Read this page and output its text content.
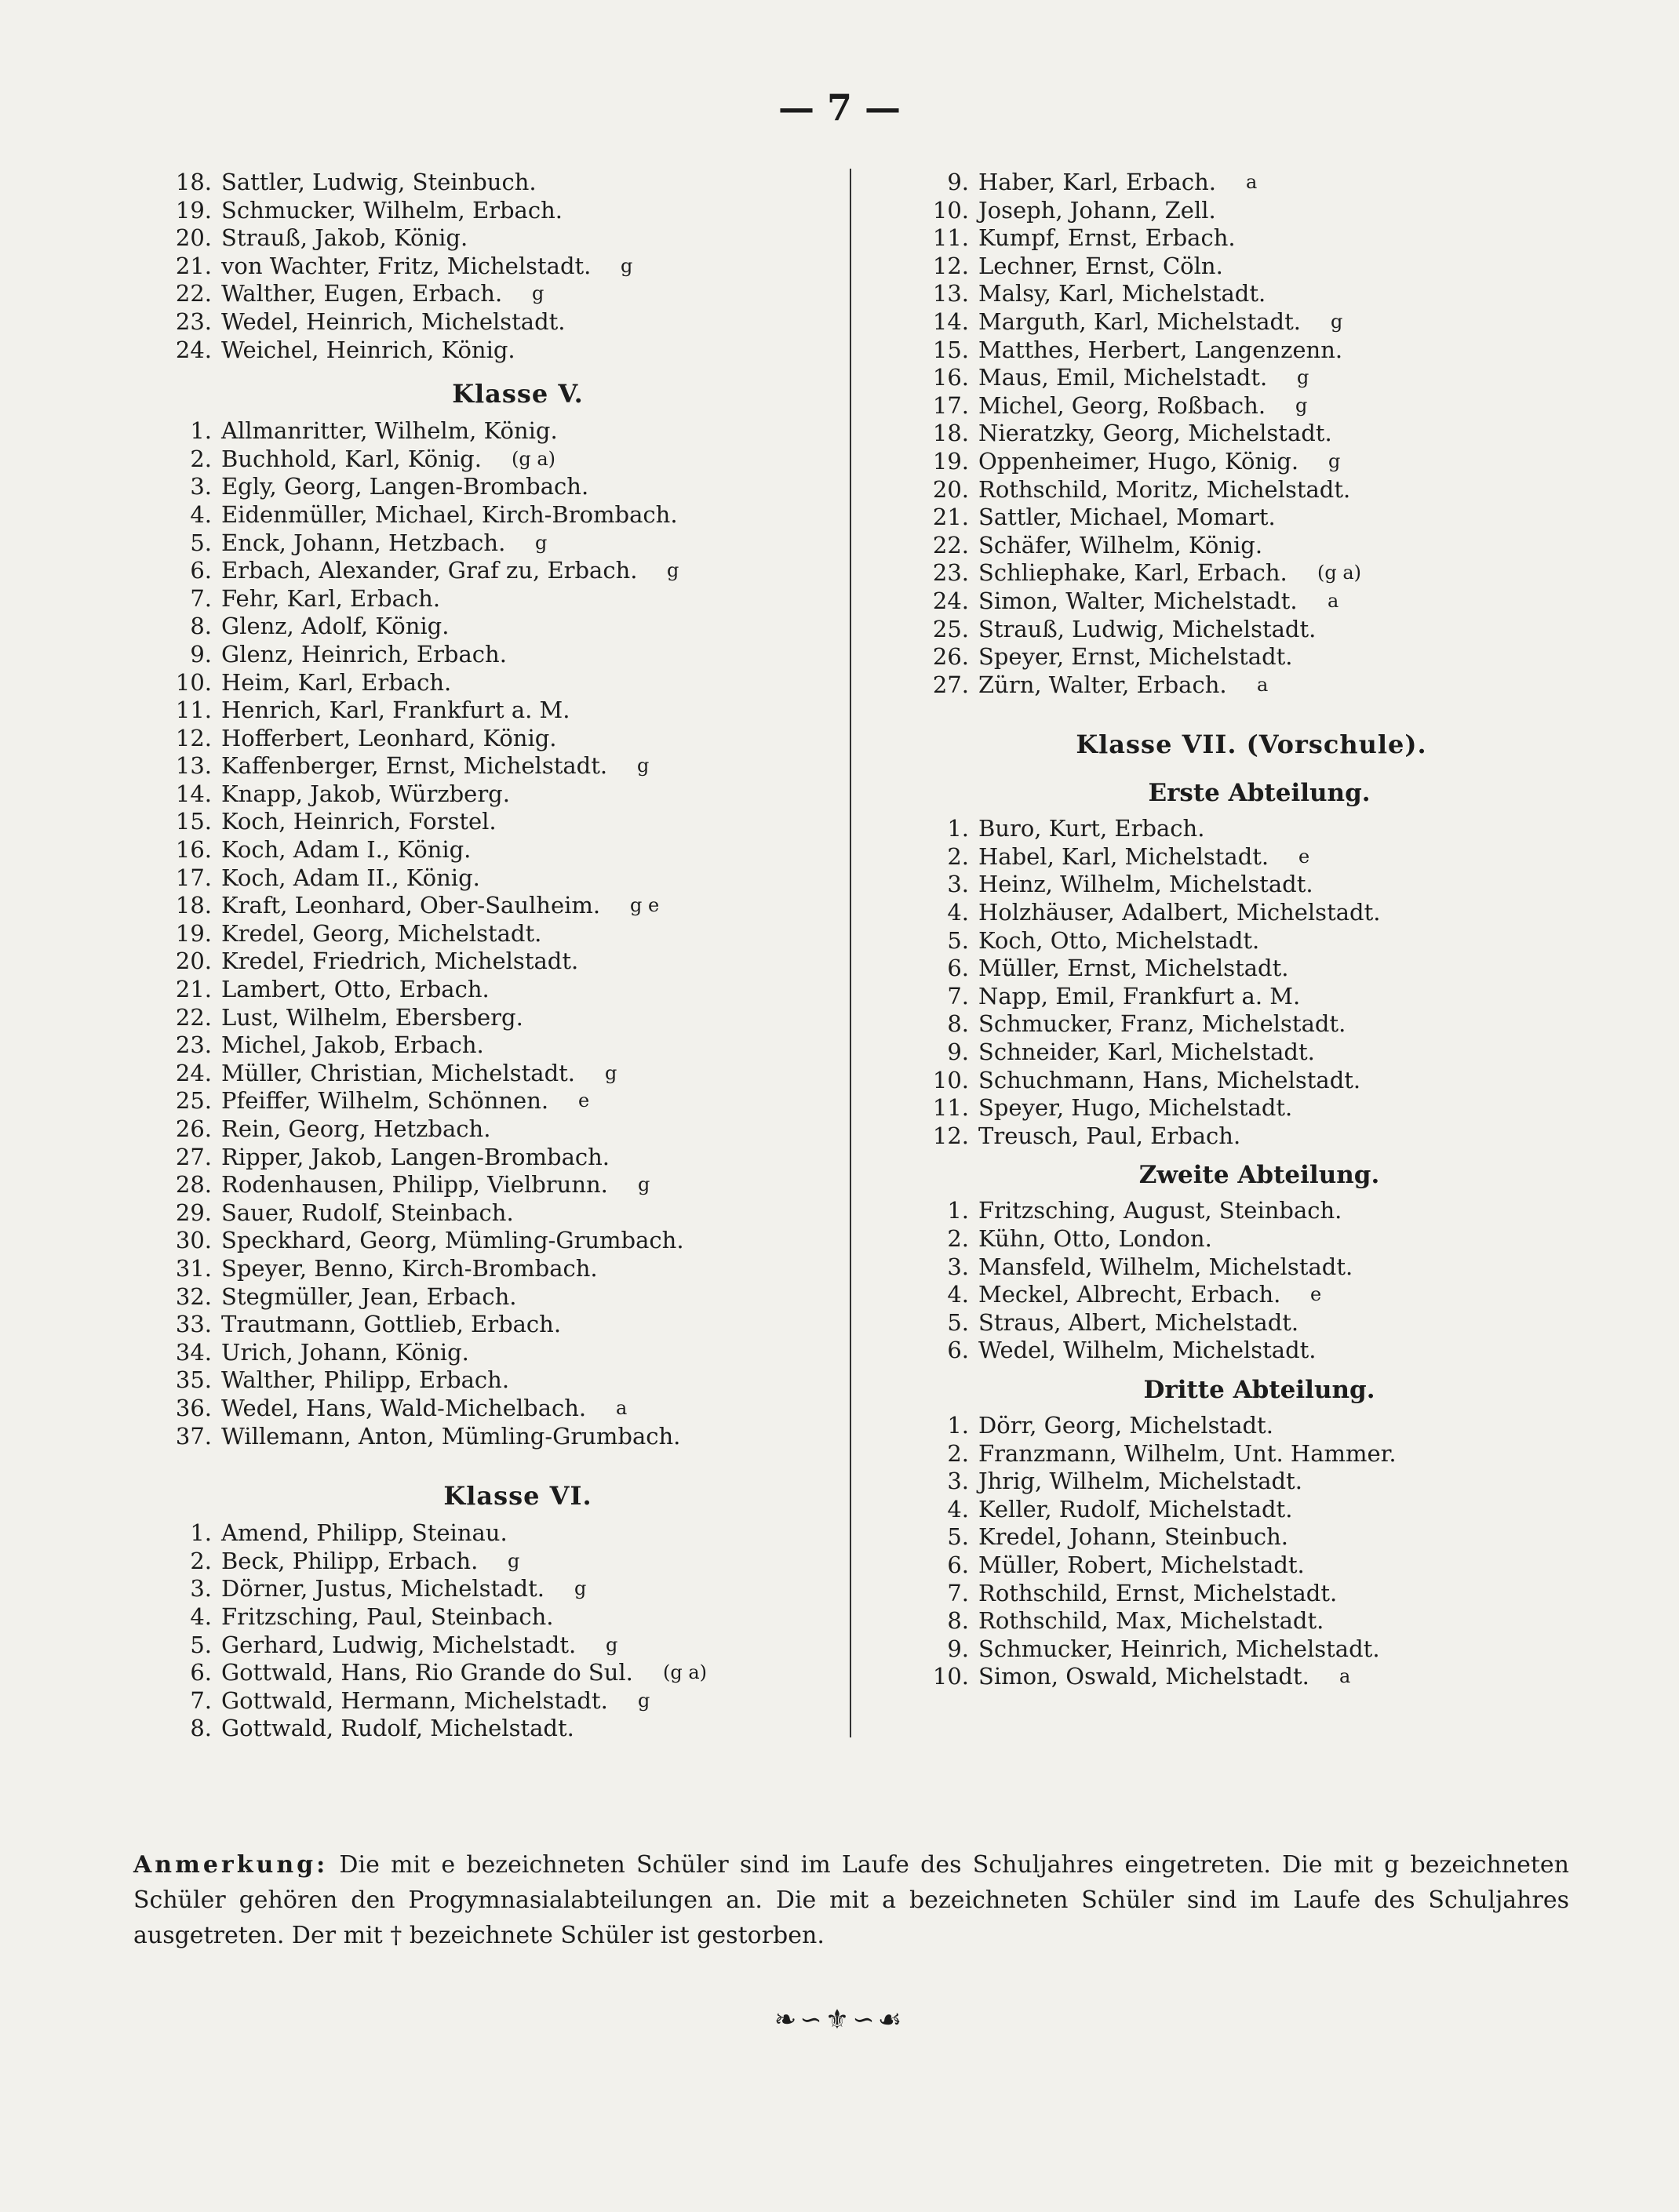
— 7 —
18. Sattler, Ludwig, Steinbuch.
19. Schmucker, Wilhelm, Erbach.
20. Strauß, Jakob, König.
21. von Wachter, Fritz, Michelstadt. g
22. Walther, Eugen, Erbach. g
23. Wedel, Heinrich, Michelstadt.
24. Weichel, Heinrich, König.
Klasse V.
1. Allmanritter, Wilhelm, König.
2. Buchhold, Karl, König. (g a)
3. Egly, Georg, Langen-Brombach.
4. Eidenmüller, Michael, Kirch-Brombach.
5. Enck, Johann, Hetzbach. g
6. Erbach, Alexander, Graf zu, Erbach. g
7. Fehr, Karl, Erbach.
8. Glenz, Adolf, König.
9. Glenz, Heinrich, Erbach.
10. Heim, Karl, Erbach.
11. Henrich, Karl, Frankfurt a. M.
12. Hofferbert, Leonhard, König.
13. Kaffenberger, Ernst, Michelstadt. g
14. Knapp, Jakob, Würzberg.
15. Koch, Heinrich, Forstel.
16. Koch, Adam I., König.
17. Koch, Adam II., König.
18. Kraft, Leonhard, Ober-Saulheim. g e
19. Kredel, Georg, Michelstadt.
20. Kredel, Friedrich, Michelstadt.
21. Lambert, Otto, Erbach.
22. Lust, Wilhelm, Ebersberg.
23. Michel, Jakob, Erbach.
24. Müller, Christian, Michelstadt. g
25. Pfeiffer, Wilhelm, Schönnen. e
26. Rein, Georg, Hetzbach.
27. Ripper, Jakob, Langen-Brombach.
28. Rodenhausen, Philipp, Vielbrunn. g
29. Sauer, Rudolf, Steinbach.
30. Speckhard, Georg, Mümling-Grumbach.
31. Speyer, Benno, Kirch-Brombach.
32. Stegmüller, Jean, Erbach.
33. Trautmann, Gottlieb, Erbach.
34. Urich, Johann, König.
35. Walther, Philipp, Erbach.
36. Wedel, Hans, Wald-Michelbach. a
37. Willemann, Anton, Mümling-Grumbach.
Klasse VI.
1. Amend, Philipp, Steinau.
2. Beck, Philipp, Erbach. g
3. Dörner, Justus, Michelstadt. g
4. Fritzsching, Paul, Steinbach.
5. Gerhard, Ludwig, Michelstadt. g
6. Gottwald, Hans, Rio Grande do Sul. (g a)
7. Gottwald, Hermann, Michelstadt. g
8. Gottwald, Rudolf, Michelstadt.
9. Haber, Karl, Erbach. a
10. Joseph, Johann, Zell.
11. Kumpf, Ernst, Erbach.
12. Lechner, Ernst, Cöln.
13. Malsy, Karl, Michelstadt.
14. Marguth, Karl, Michelstadt. g
15. Matthes, Herbert, Langenzenn.
16. Maus, Emil, Michelstadt. g
17. Michel, Georg, Roßbach. g
18. Nieratzky, Georg, Michelstadt.
19. Oppenheimer, Hugo, König. g
20. Rothschild, Moritz, Michelstadt.
21. Sattler, Michael, Momart.
22. Schäfer, Wilhelm, König.
23. Schliephake, Karl, Erbach. (g a)
24. Simon, Walter, Michelstadt. a
25. Strauß, Ludwig, Michelstadt.
26. Speyer, Ernst, Michelstadt.
27. Zürn, Walter, Erbach. a
Klasse VII. (Vorschule).
Erste Abteilung.
1. Buro, Kurt, Erbach.
2. Habel, Karl, Michelstadt. e
3. Heinz, Wilhelm, Michelstadt.
4. Holzhäuser, Adalbert, Michelstadt.
5. Koch, Otto, Michelstadt.
6. Müller, Ernst, Michelstadt.
7. Napp, Emil, Frankfurt a. M.
8. Schmucker, Franz, Michelstadt.
9. Schneider, Karl, Michelstadt.
10. Schuchmann, Hans, Michelstadt.
11. Speyer, Hugo, Michelstadt.
12. Treusch, Paul, Erbach.
Zweite Abteilung.
1. Fritzsching, August, Steinbach.
2. Kühn, Otto, London.
3. Mansfeld, Wilhelm, Michelstadt.
4. Meckel, Albrecht, Erbach. e
5. Straus, Albert, Michelstadt.
6. Wedel, Wilhelm, Michelstadt.
Dritte Abteilung.
1. Dörr, Georg, Michelstadt.
2. Franzmann, Wilhelm, Unt. Hammer.
3. Jhrig, Wilhelm, Michelstadt.
4. Keller, Rudolf, Michelstadt.
5. Kredel, Johann, Steinbuch.
6. Müller, Robert, Michelstadt.
7. Rothschild, Ernst, Michelstadt.
8. Rothschild, Max, Michelstadt.
9. Schmucker, Heinrich, Michelstadt.
10. Simon, Oswald, Michelstadt. a
Anmerkung: Die mit e bezeichneten Schüler sind im Laufe des Schuljahres eingetreten. Die mit g bezeichneten Schüler gehören den Progymnasialabteilungen an. Die mit a bezeichneten Schüler sind im Laufe des Schuljahres ausgetreten. Der mit † bezeichnete Schüler ist gestorben.
❧∽⚜∽☙
